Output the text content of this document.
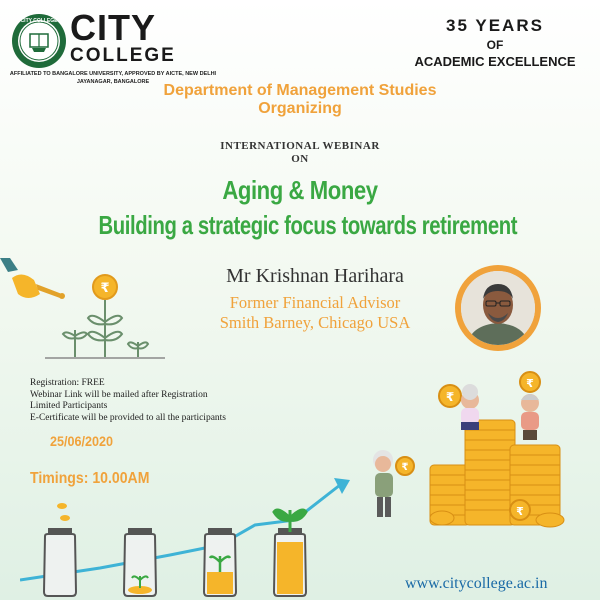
CITY COLLEGE CITY
COLLEGE
AFFILIATED TO BANGALORE UNIVERSITY, APPROVED BY AICTE, NEW DELHI
JAYANAGAR, BANGALORE
35 YEARS
OF
ACADEMIC EXCELLENCE
Department of Management Studies
Organizing
INTERNATIONAL WEBINAR
ON
Aging & Money
Building a strategic focus towards retirement
Mr Krishnan Harihara
Former Financial Advisor
Smith Barney, Chicago USA
₹
Registration: FREE
Webinar Link will be mailed after Registration
Limited Participants
E-Certificate will be provided to all the participants
25/06/2020
Timings: 10.00AM
₹
₹
₹
₹
www.citycollege.ac.in
